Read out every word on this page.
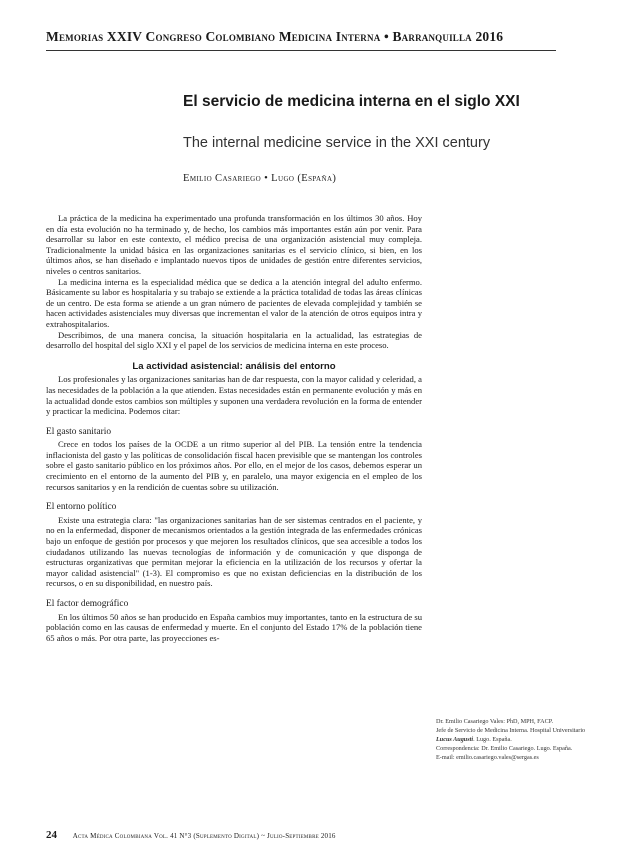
Memorias XXIV Congreso Colombiano Medicina Interna • Barranquilla 2016
El servicio de medicina interna en el siglo XXI
The internal medicine service in the XXI century
Emilio Casariego • Lugo (España)

La práctica de la medicina ha experimentado una profunda transformación en los últimos 30 años. Hoy en día esta evolución no ha terminado y, de hecho, los cambios más importantes están aún por venir. Para desarrollar su labor en este contexto, el médico precisa de una organización asistencial muy compleja. Tradicionalmente la unidad básica en las organizaciones sanitarias es el servicio clínico, si bien, en los últimos años, se han diseñado e implantado nuevos tipos de unidades de gestión entre diferentes servicios, niveles o centros sanitarios.

La medicina interna es la especialidad médica que se dedica a la atención integral del adulto enfermo. Básicamente su labor es hospitalaria y su trabajo se extiende a la práctica totalidad de todas las áreas clínicas de un centro. De esta forma se atiende a un gran número de pacientes de elevada complejidad y también se hacen actividades asistenciales muy diversas que incrementan el valor de la atención de otros equipos intra y extrahospitalarios.

Describimos, de una manera concisa, la situación hospitalaria en la actualidad, las estrategias de desarrollo del hospital del siglo XXI y el papel de los servicios de medicina interna en este proceso.

La actividad asistencial: análisis del entorno

Los profesionales y las organizaciones sanitarias han de dar respuesta, con la mayor calidad y celeridad, a las necesidades de la población a la que atienden. Estas necesidades están en permanente evolución y más en la actualidad donde estos cambios son múltiples y suponen una verdadera revolución en la forma de entender y practicar la medicina. Podemos citar:

El gasto sanitario

Crece en todos los países de la OCDE a un ritmo superior al del PIB. La tensión entre la tendencia inflacionista del gasto y las políticas de consolidación fiscal hacen previsible que se mantengan los controles sobre el gasto sanitario público en los próximos años. Por ello, en el mejor de los casos, debemos esperar un crecimiento en el entorno de la aumento del PIB y, en paralelo, una mayor exigencia en el empleo de los recursos sanitarios y en la rendición de cuentas sobre su utilización.

El entorno político

Existe una estrategia clara: "las organizaciones sanitarias han de ser sistemas centrados en el paciente, y no en la enfermedad, disponer de mecanismos orientados a la gestión integrada de las enfermedades crónicas bajo un enfoque de gestión por procesos y que mejoren los resultados clínicos, que sea accesible a todos los ciudadanos utilizando las nuevas tecnologías de información y de comunicación y que disponga de estructuras organizativas que permitan mejorar la eficiencia en la utilización de los recursos y ofertar la mayor calidad asistencial" (1-3). El compromiso es que no existan deficiencias en la distribución de los recursos, o en su disponibilidad, en nuestro país.

El factor demográfico

En los últimos 50 años se han producido en España cambios muy importantes, tanto en la estructura de su población como en las causas de enfermedad y muerte. En el conjunto del Estado 17% de la población tiene 65 años o más. Por otra parte, las proyecciones es-

Dr. Emilio Casariego Vales: PhD, MPH, FACP.
Jefe de Servicio de Medicina Interna. Hospital Universitario Lucus Augusti. Lugo. España.
Correspondencia: Dr. Emilio Casariego. Lugo. España.
E-mail: emilio.casariego.vales@sergas.es
24 Acta Médica Colombiana Vol. 41 N°3 (Suplemento Digital) ~ Julio-Septiembre 2016
